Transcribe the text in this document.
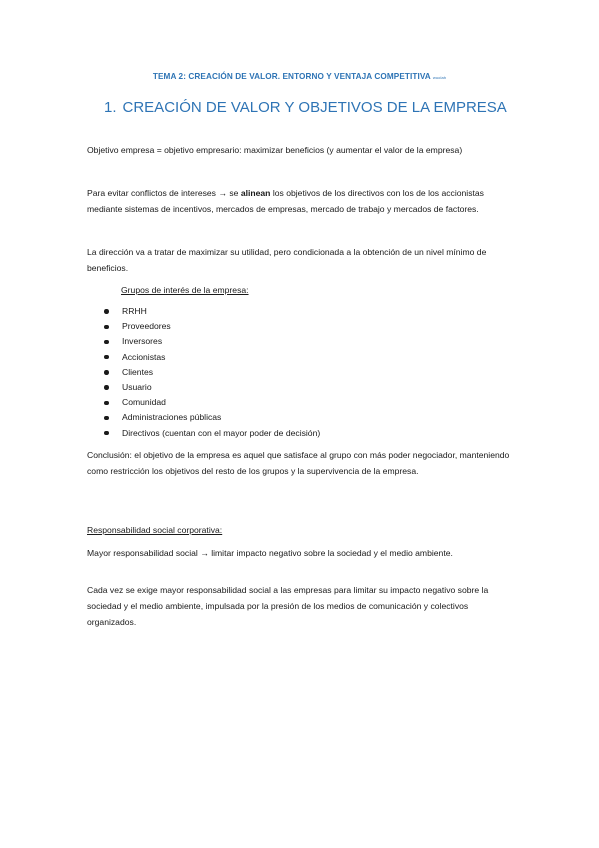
TEMA 2: CREACIÓN DE VALOR. ENTORNO Y VENTAJA COMPETITIVA wuolah
1. CREACIÓN DE VALOR Y OBJETIVOS DE LA EMPRESA
Objetivo empresa = objetivo empresario: maximizar beneficios (y aumentar el valor de la empresa)
Para evitar conflictos de intereses → se alinean los objetivos de los directivos con los de los accionistas mediante sistemas de incentivos, mercados de empresas, mercado de trabajo y mercados de factores.
La dirección va a tratar de maximizar su utilidad, pero condicionada a la obtención de un nivel mínimo de beneficios.
Grupos de interés de la empresa:
RRHH
Proveedores
Inversores
Accionistas
Clientes
Usuario
Comunidad
Administraciones públicas
Directivos (cuentan con el mayor poder de decisión)
Conclusión: el objetivo de la empresa es aquel que satisface al grupo con más poder negociador, manteniendo como restricción los objetivos del resto de los grupos y la supervivencia de la empresa.
Responsabilidad social corporativa:
Mayor responsabilidad social → limitar impacto negativo sobre la sociedad y el medio ambiente.
Cada vez se exige mayor responsabilidad social a las empresas para limitar su impacto negativo sobre la sociedad y el medio ambiente, impulsada por la presión de los medios de comunicación y colectivos organizados.
